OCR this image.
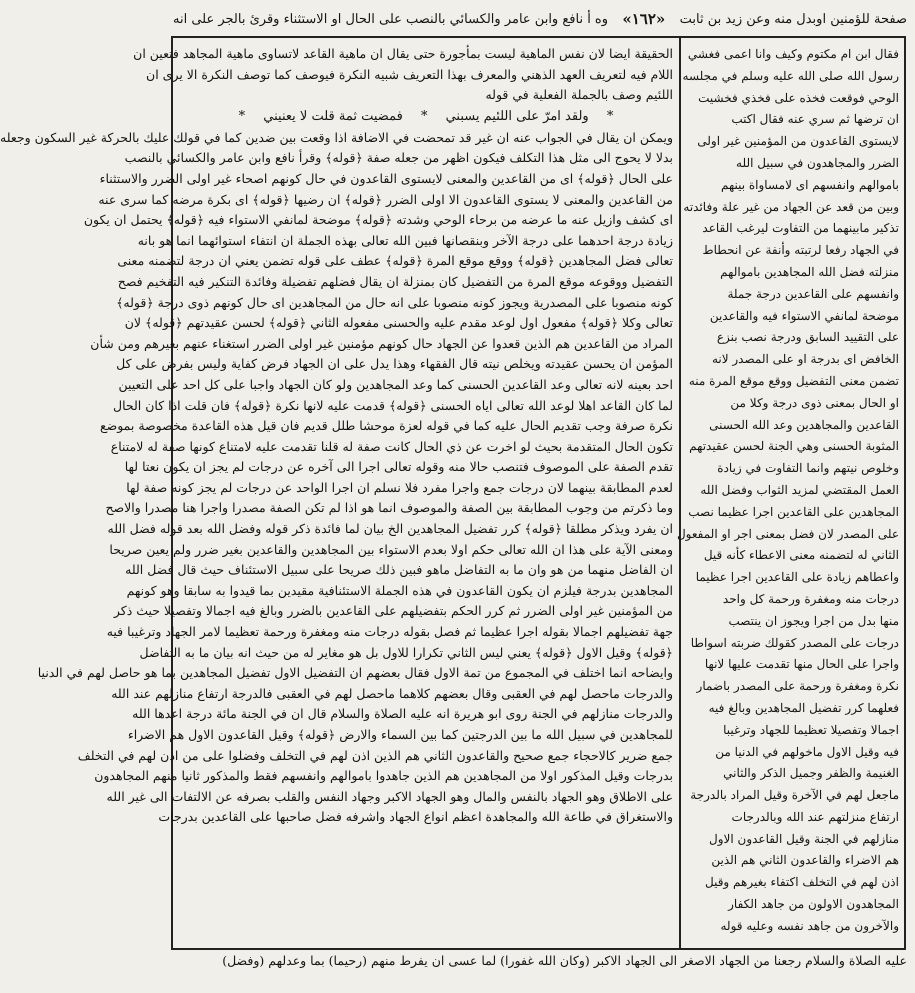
صفحة للؤمنين اوبدل منه وعن زيد بن ثابت
«١٦٢»
وه أ نافع وابن عامر والكسائي بالنصب على الحال او الاستثناء وقرئ بالجر على انه
فقال ابن ام مكتوم وكيف وانا اعمى فغشي
رسول الله صلى الله عليه وسلم في مجلسه
الوحي فوقعت فخذه على فخذي فخشيت
ان ترضها ثم سري عنه فقال اكتب
لايستوى القاعدون من المؤمنين غير اولى
الضرر والمجاهدون في سبيل الله
باموالهم وانفسهم اى لامساواة بينهم
وبين من قعد عن الجهاد من غير علة وفائدته
تذكير مابينهما من التفاوت ليرغب القاعد
في الجهاد رفعا لرتبته وأنفة عن انحطاط
منزلته فضل الله المجاهدين باموالهم
وانفسهم على القاعدين درجة جملة
موضحة لمانفي الاستواء فيه والقاعدين
على التقييد السابق ودرجة نصب بنزع
الخافض اى بدرجة او على المصدر لانه
تضمن معنى التفضيل ووقع موقع المرة منه
او الحال بمعنى ذوى درجة وكلا من
القاعدين والمجاهدين وعد الله الحسنى
المثوبة الحسنى وهي الجنة لحسن عقيدتهم
وخلوص نيتهم وانما التفاوت في زيادة
العمل المقتضي لمزيد الثواب وفضل الله
المجاهدين على القاعدين اجرا عظيما نصب
على المصدر لان فضل بمعنى اجر او المفعول
الثاني له لتضمنه معنى الاعطاء كأنه قيل
واعطاهم زيادة على القاعدين اجرا عظيما
درجات منه ومغفرة ورحمة كل واحد
منها بدل من اجرا ويجوز ان ينتصب
درجات على المصدر كقولك ضربته اسواطا
واجرا على الحال منها تقدمت عليها لانها
نكرة ومغفرة ورحمة على المصدر باضمار
فعلهما كرر تفضيل المجاهدين وبالغ فيه
اجمالا وتفصيلا تعظيما للجهاد وترغيبا
فيه وقيل الاول ماخولهم في الدنيا من
الغنيمة والظفر وجميل الذكر والثاني
ماجعل لهم في الآخرة وقيل المراد بالدرجة
ارتفاع منزلتهم عند الله وبالدرجات
منازلهم في الجنة وقيل القاعدون الاول
هم الاضراء والقاعدون الثاني هم الذين
اذن لهم في التخلف اكتفاء بغيرهم وقيل
المجاهدون الاولون من جاهد الكفار
والآخرون من جاهد نفسه وعليه قوله
الحقيقة ايضا لان نفس الماهية ليست بمأجورة حتى يقال ان ماهية القاعد لاتساوى ماهية المجاهد فتعين ان
اللام فيه لتعريف العهد الذهني والمعرف بهذا التعريف شبيه النكرة فيوصف كما توصف النكرة الا يرى ان
اللئيم وصف بالجملة الفعلية في قوله
* ولقد امرّ على اللئيم يسبني * فمضيت ثمة قلت لا يعنيني *
ويمكن ان يقال في الجواب عنه ان غير قد تمحضت في الاضافة اذا وقعت بين ضدين كما في قولك عليك بالحركة غير السكون وجعله
بدلا لا يحوج الى مثل هذا التكلف فيكون اظهر من جعله صفة ﴿قوله﴾ وقرأ نافع وابن عامر والكسائي بالنصب
على الحال ﴿قوله﴾ اى من القاعدين والمعنى لايستوى القاعدون في حال كونهم اصحاء غير اولى الضرر والاستثناء
من القاعدين والمعنى لا يستوى القاعدون الا اولى الضرر ﴿قوله﴾ ان رضيها ﴿قوله﴾ اى بكرة مرضه كما سرى عنه
اى كشف وازيل عنه ما عرضه من برحاء الوحي وشدته ﴿قوله﴾ موضحة لمانفي الاستواء فيه ﴿قوله﴾ يحتمل ان يكون
زيادة درجة احدهما على درجة الآخر وبنقصانها فبين الله تعالى بهذه الجملة ان انتفاء استوائهما انما هو بانه
تعالى فضل المجاهدين ﴿قوله﴾ ووقع موقع المرة ﴿قوله﴾ عطف على قوله تضمن يعني ان درجة لتضمنه معنى
التفضيل ووقوعه موقع المرة من التفضيل كان بمنزلة ان يقال فضلهم تفضيلة وفائدة التنكير فيه التفخيم فصح
كونه منصوبا على المصدرية ويجوز كونه منصوبا على انه حال من المجاهدين اى حال كونهم ذوى درجة ﴿قوله﴾
تعالى وكلا ﴿قوله﴾ مفعول اول لوعد مقدم عليه والحسنى مفعوله الثاني ﴿قوله﴾ لحسن عقيدتهم ﴿قوله﴾ لان
المراد من القاعدين هم الذين قعدوا عن الجهاد حال كونهم مؤمنين غير اولى الضرر استغناء عنهم بغيرهم ومن شأن
المؤمن ان يحسن عقيدته ويخلص نيته قال الفقهاء وهذا يدل على ان الجهاد فرض كفاية وليس بفرض على كل
احد بعينه لانه تعالى وعد القاعدين الحسنى كما وعد المجاهدين ولو كان الجهاد واجبا على كل احد على التعيين
لما كان القاعد اهلا لوعد الله تعالى اياه الحسنى ﴿قوله﴾ قدمت عليه لانها نكرة ﴿قوله﴾ فان قلت اذا كان الحال
نكرة صرفة وجب تقديم الحال عليه كما في قوله لعزة موحشا طلل قديم فان قيل هذه القاعدة مخصوصة بموضع
تكون الحال المتقدمة بحيث لو اخرت عن ذي الحال كانت صفة له قلنا تقدمت عليه لامتناع كونها صفة له لامتناع
تقدم الصفة على الموصوف فتنصب حالا منه وقوله تعالى اجرا الى آخره عن درجات لم يجز ان يكون نعتا لها
لعدم المطابقة بينهما لان درجات جمع واجرا مفرد فلا نسلم ان اجرا الواحد عن درجات لم يجز كونه صفة لها
وما ذكرتم من وجوب المطابقة بين الصفة والموصوف انما هو اذا لم تكن الصفة مصدرا واجرا هنا مصدرا والاصح
ان يفرد ويذكر مطلقا ﴿قوله﴾ كرر تفضيل المجاهدين الخ بيان لما فائدة ذكر قوله وفضل الله بعد قوله فضل الله
ومعنى الآية على هذا ان الله تعالى حكم اولا بعدم الاستواء بين المجاهدين والقاعدين بغير ضرر ولم يعين صريحا
ان الفاضل منهما من هو وان ما به التفاضل ماهو فبين ذلك صريحا على سبيل الاستئناف حيث قال فضل الله
المجاهدين بدرجة فيلزم ان يكون القاعدون في هذه الجملة الاستئنافية مقيدين بما قيدوا به سابقا وهو كونهم
من المؤمنين غير اولى الضرر ثم كرر الحكم بتفضيلهم على القاعدين بالضرر وبالغ فيه اجمالا وتفصيلا حيث ذكر
جهة تفضيلهم اجمالا بقوله اجرا عظيما ثم فصل بقوله درجات منه ومغفرة ورحمة تعظيما لامر الجهاد وترغيبا فيه
﴿قوله﴾ وقيل الاول ﴿قوله﴾ يعني ليس الثاني تكرارا للاول بل هو مغاير له من حيث انه بيان ما به التفاضل
وايضاحه انما اختلف في المجموع من تمة الاول فقال بعضهم ان التفضيل الاول تفضيل المجاهدين بما هو حاصل لهم في الدنيا
والدرجات ماحصل لهم في العقبى وقال بعضهم كلاهما ماحصل لهم في العقبى فالدرجة ارتفاع منازلهم عند الله
والدرجات منازلهم في الجنة روى ابو هريرة انه عليه الصلاة والسلام قال ان في الجنة مائة درجة اعدها الله
للمجاهدين في سبيل الله ما بين الدرجتين كما بين السماء والارض ﴿قوله﴾ وقيل القاعدون الاول هم الاضراء
جمع ضرير كالاحجاء جمع صحيح والقاعدون الثاني هم الذين اذن لهم في التخلف وفضلوا على من اذن لهم في التخلف
بدرجات وقيل المذكور اولا من المجاهدين هم الذين جاهدوا باموالهم وانفسهم فقط والمذكور ثانيا منهم المجاهدون
على الاطلاق وهو الجهاد بالنفس والمال وهو الجهاد الاكبر وجهاد النفس والقلب بصرفه عن الالتفات الى غير الله
والاستغراق في طاعة الله والمجاهدة اعظم انواع الجهاد واشرفه فضل صاحبها على القاعدين بدرجات
عليه الصلاة والسلام رجعنا من الجهاد الاصغر الى الجهاد الاكبر (وكان الله غفورا) لما عسى ان يفرط منهم (رحيما) بما وعدلهم (وفضل)
